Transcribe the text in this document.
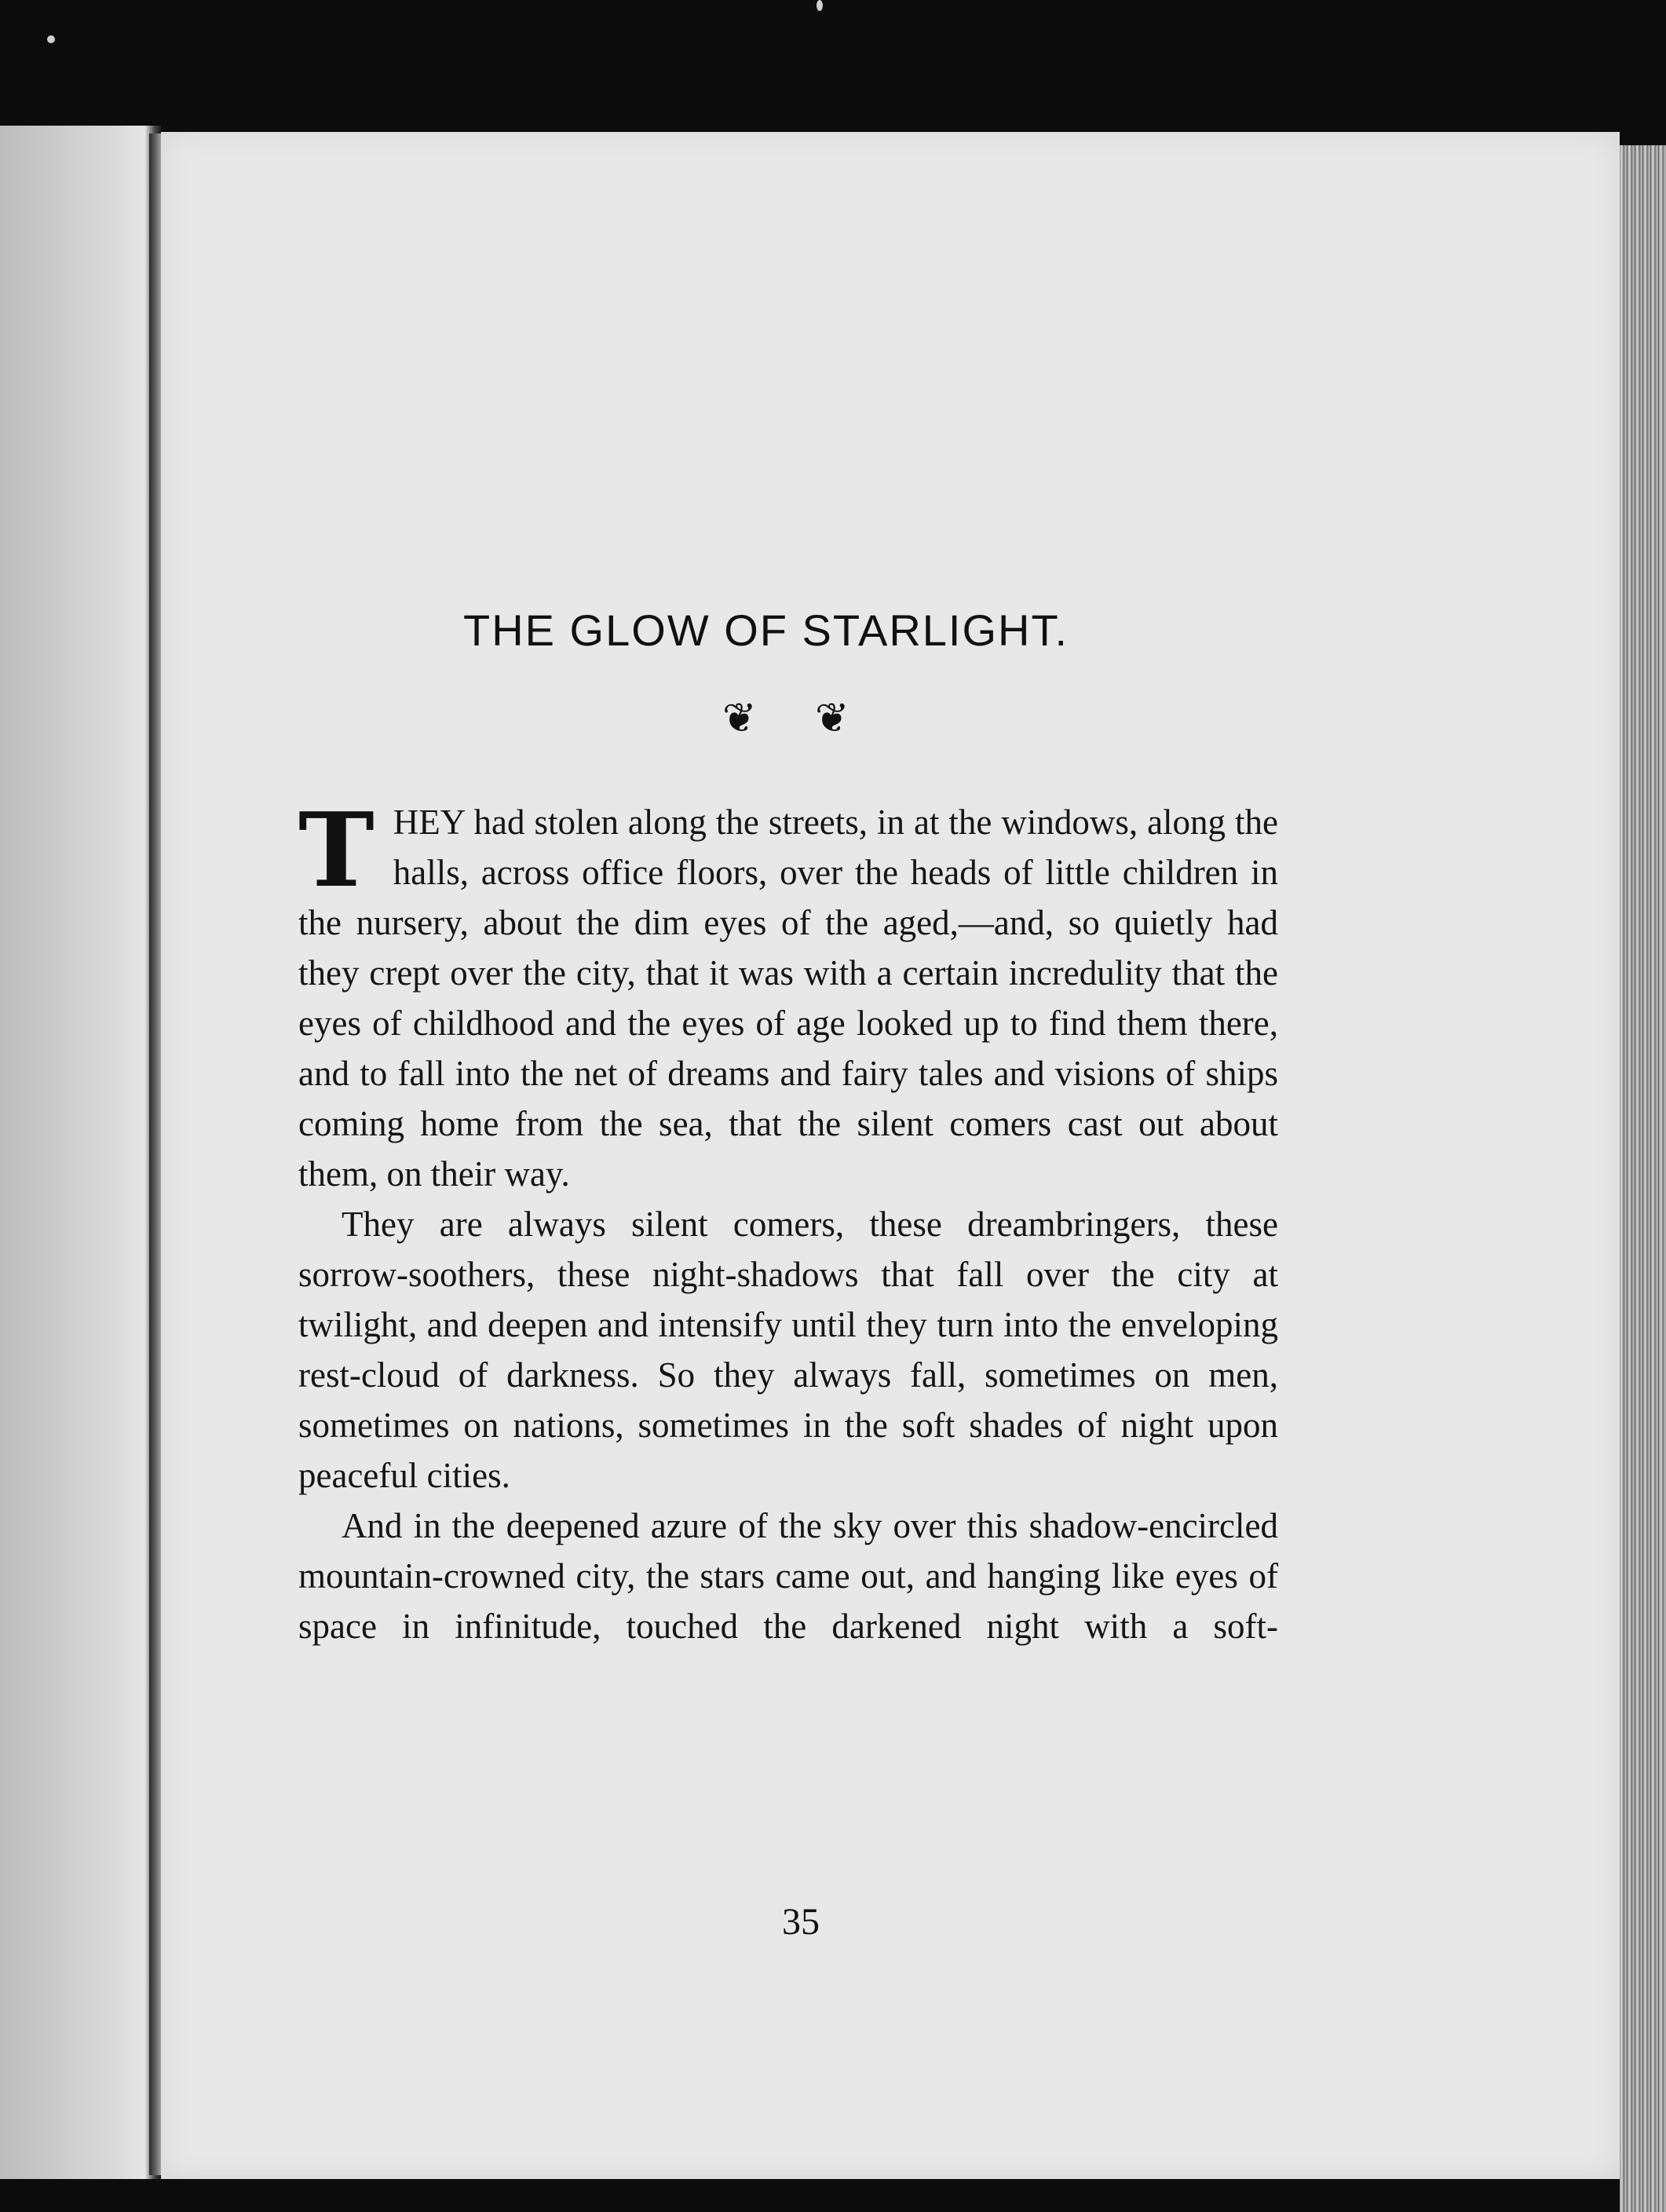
THE GLOW OF STARLIGHT.
❦ ❦

THEY had stolen along the streets, in at the windows, along the halls, across office floors, over the heads of little children in the nursery, about the dim eyes of the aged,—and, so quietly had they crept over the city, that it was with a certain incredulity that the eyes of childhood and the eyes of age looked up to find them there, and to fall into the net of dreams and fairy tales and visions of ships coming home from the sea, that the silent comers cast out about them, on their way.

They are always silent comers, these dreambringers, these sorrow-soothers, these night-shadows that fall over the city at twilight, and deepen and intensify until they turn into the enveloping rest-cloud of darkness. So they always fall, sometimes on men, sometimes on nations, sometimes in the soft shades of night upon peaceful cities.

And in the deepened azure of the sky over this shadow-encircled mountain-crowned city, the stars came out, and hanging like eyes of space in infinitude, touched the darkened night with a soft-

35
